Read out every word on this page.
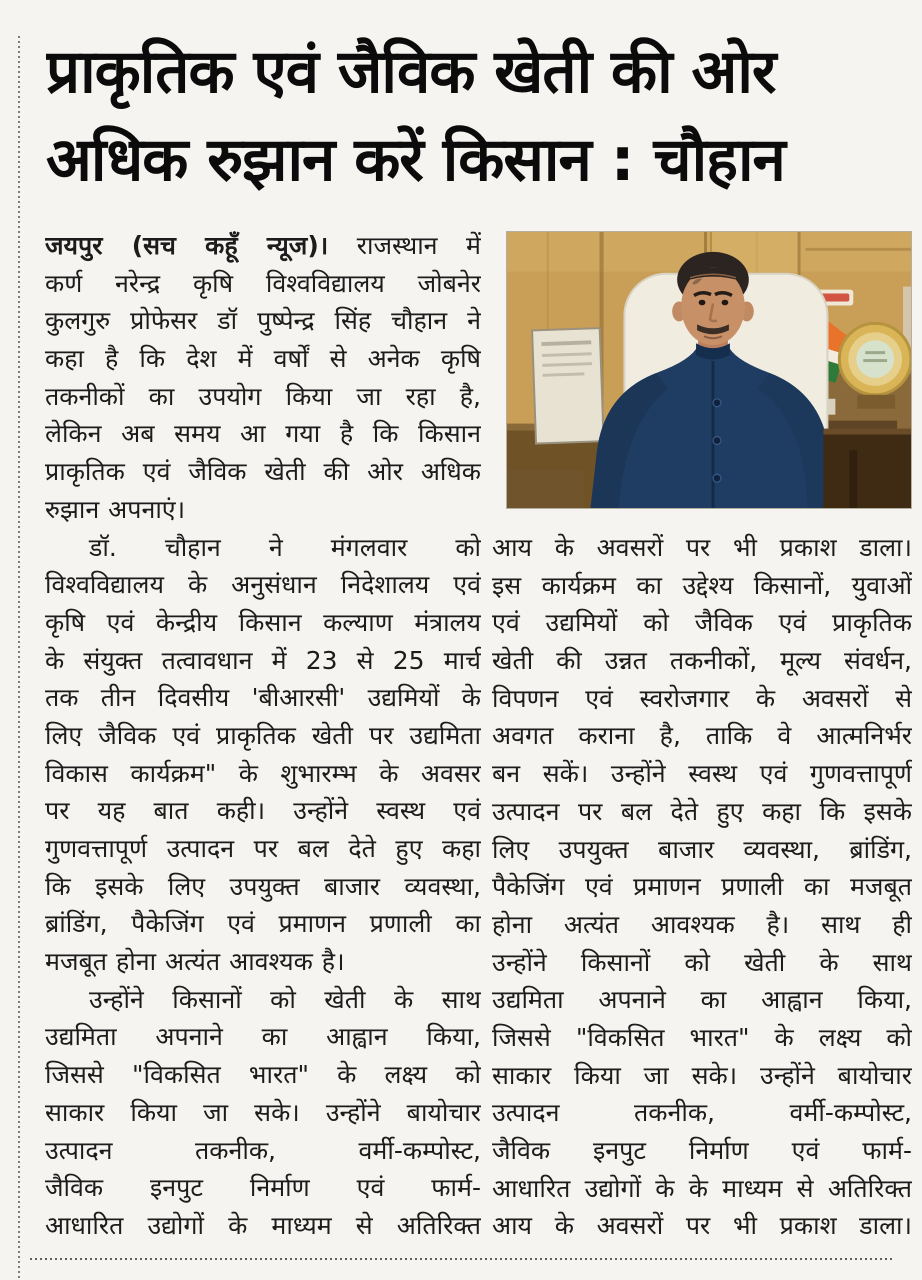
प्राकृतिक एवं जैविक खेती की ओर
अधिक रुझान करें किसान : चौहान
जयपुर (सच कहूँ न्यूज)। राजस्थान में
कर्ण नरेन्द्र कृषि विश्वविद्यालय जोबनेर
कुलगुरु प्रोफेसर डॉ पुष्पेन्द्र सिंह चौहान ने
कहा है कि देश में वर्षों से अनेक कृषि
तकनीकों का उपयोग किया जा रहा है,
लेकिन अब समय आ गया है कि किसान
प्राकृतिक एवं जैविक खेती की ओर अधिक
रुझान अपनाएं।
डॉ. चौहान ने मंगलवार को
विश्वविद्यालय के अनुसंधान निदेशालय एवं
कृषि एवं केन्द्रीय किसान कल्याण मंत्रालय
के संयुक्त तत्वावधान में 23 से 25 मार्च
तक तीन दिवसीय 'बीआरसी' उद्यमियों के
लिए जैविक एवं प्राकृतिक खेती पर उद्यमिता
विकास कार्यक्रम" के शुभारम्भ के अवसर
पर यह बात कही। उन्होंने स्वस्थ एवं
गुणवत्तापूर्ण उत्पादन पर बल देते हुए कहा
कि इसके लिए उपयुक्त बाजार व्यवस्था,
ब्रांडिंग, पैकेजिंग एवं प्रमाणन प्रणाली का
मजबूत होना अत्यंत आवश्यक है।
उन्होंने किसानों को खेती के साथ
उद्यमिता अपनाने का आह्वान किया,
जिससे "विकसित भारत" के लक्ष्य को
साकार किया जा सके। उन्होंने बायोचार
उत्पादन तकनीक, वर्मी-कम्पोस्ट,
जैविक इनपुट निर्माण एवं फार्म-
आधारित उद्योगों के माध्यम से अतिरिक्त
आय के अवसरों पर भी प्रकाश डाला।
इस कार्यक्रम का उद्देश्य किसानों, युवाओं
एवं उद्यमियों को जैविक एवं प्राकृतिक
खेती की उन्नत तकनीकों, मूल्य संवर्धन,
विपणन एवं स्वरोजगार के अवसरों से
अवगत कराना है, ताकि वे आत्मनिर्भर
बन सकें। उन्होंने स्वस्थ एवं गुणवत्तापूर्ण
उत्पादन पर बल देते हुए कहा कि इसके
लिए उपयुक्त बाजार व्यवस्था, ब्रांडिंग,
पैकेजिंग एवं प्रमाणन प्रणाली का मजबूत
होना अत्यंत आवश्यक है। साथ ही
उन्होंने किसानों को खेती के साथ
उद्यमिता अपनाने का आह्वान किया,
जिससे "विकसित भारत" के लक्ष्य को
साकार किया जा सके। उन्होंने बायोचार
उत्पादन तकनीक, वर्मी-कम्पोस्ट,
जैविक इनपुट निर्माण एवं फार्म-
आधारित उद्योगों के के माध्यम से अतिरिक्त
आय के अवसरों पर भी प्रकाश डाला।
